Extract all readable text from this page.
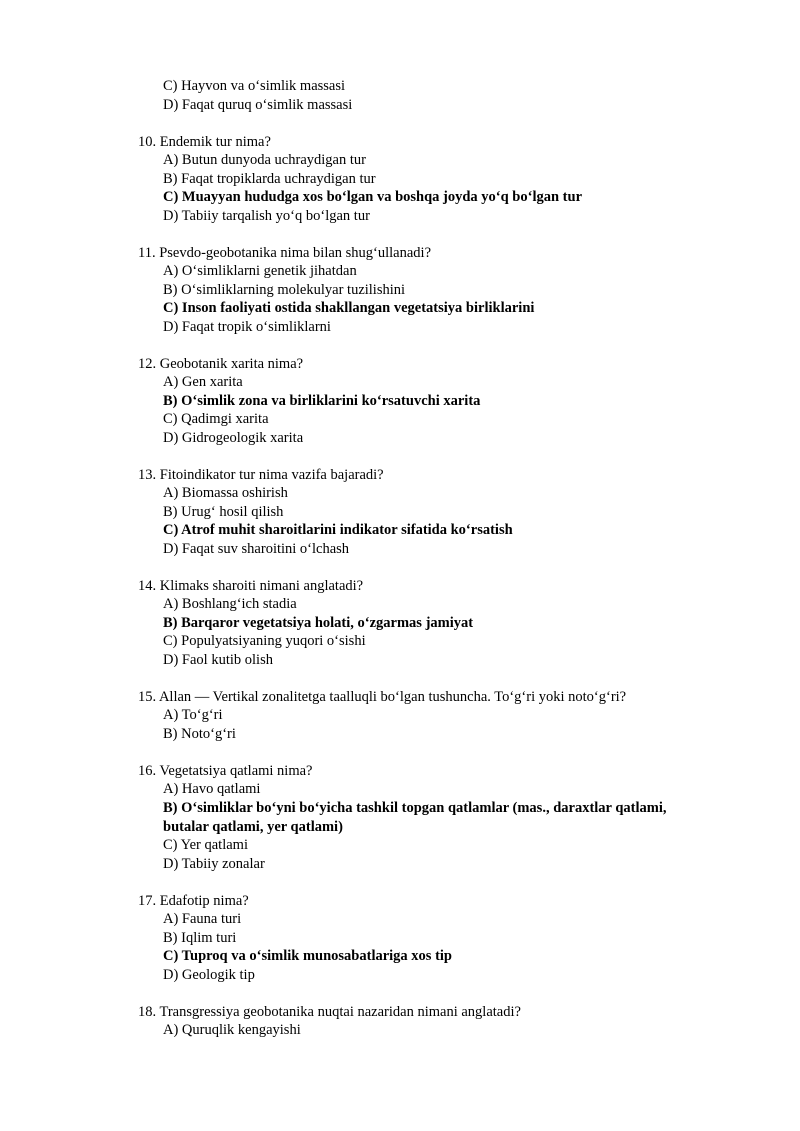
C) Hayvon va o‘simlik massasi
D) Faqat quruq o‘simlik massasi
10. Endemik tur nima?
A) Butun dunyoda uchraydigan tur
B) Faqat tropiklarda uchraydigan tur
C) Muayyan hududga xos bo‘lgan va boshqa joyda yo‘q bo‘lgan tur
D) Tabiiy tarqalish yo‘q bo‘lgan tur
11. Psevdo-geobotanika nima bilan shug‘ullanadi?
A) O‘simliklarni genetik jihatdan
B) O‘simliklarning molekulyar tuzilishini
C) Inson faoliyati ostida shakllangan vegetatsiya birliklarini
D) Faqat tropik o‘simliklarni
12. Geobotanik xarita nima?
A) Gen xarita
B) O‘simlik zona va birliklarini ko‘rsatuvchi xarita
C) Qadimgi xarita
D) Gidrogeologik xarita
13. Fitoindikator tur nima vazifa bajaradi?
A) Biomassa oshirish
B) Urug‘ hosil qilish
C) Atrof muhit sharoitlarini indikator sifatida ko‘rsatish
D) Faqat suv sharoitini o‘lchash
14. Klimaks sharoiti nimani anglatadi?
A) Boshlang‘ich stadia
B) Barqaror vegetatsiya holati, o‘zgarmas jamiyat
C) Populyatsiyaning yuqori o‘sishi
D) Faol kutib olish
15. Allan — Vertikal zonalitetga taalluqli bo‘lgan tushuncha. To‘g‘ri yoki noto‘g‘ri?
A) To‘g‘ri
B) Noto‘g‘ri
16. Vegetatsiya qatlami nima?
A) Havo qatlami
B) O‘simliklar bo‘yni bo‘yicha tashkil topgan qatlamlar (mas., daraxtlar qatlami,
butalar qatlami, yer qatlami)
C) Yer qatlami
D) Tabiiy zonalar
17. Edafotip nima?
A) Fauna turi
B) Iqlim turi
C) Tuproq va o‘simlik munosabatlariga xos tip
D) Geologik tip
18. Transgressiya geobotanika nuqtai nazaridan nimani anglatadi?
A) Quruqlik kengayishi
